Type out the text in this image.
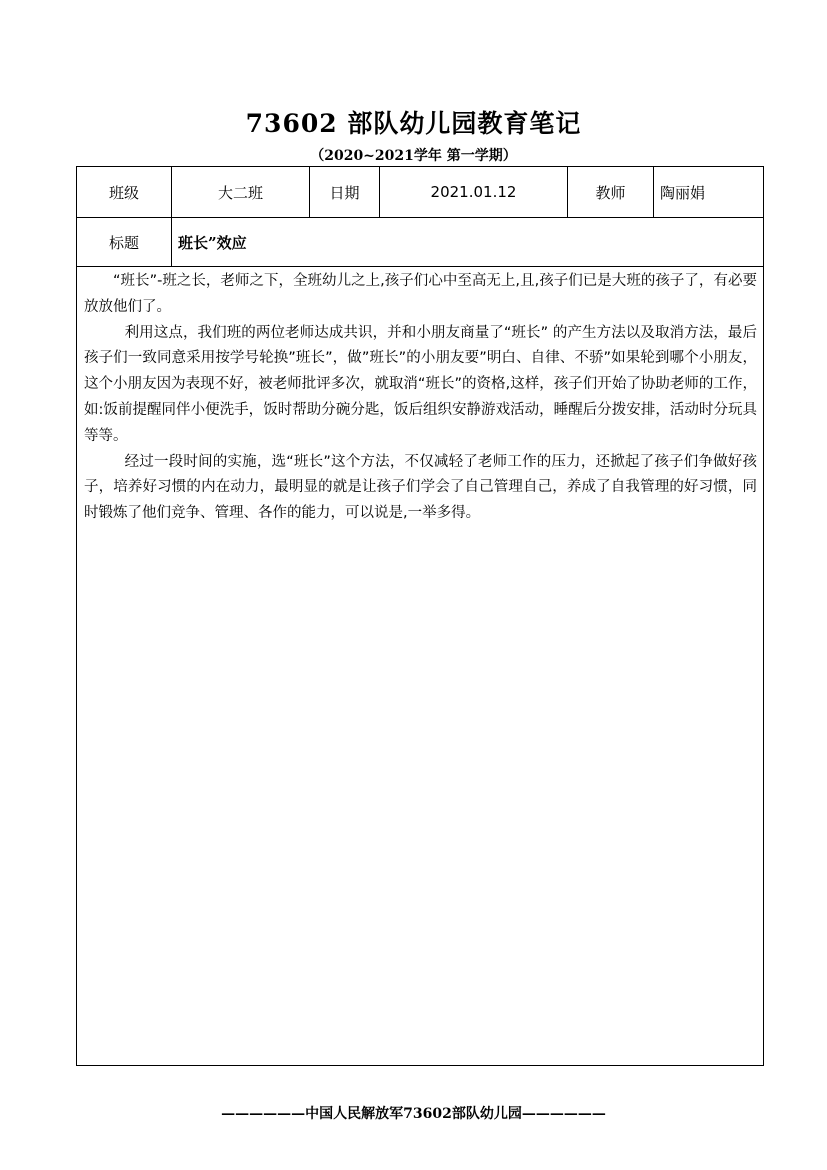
73602 部队幼儿园教育笔记
（2020~2021学年 第一学期）
班级	大二班	日期	2021.01.12	教师	陶丽娟
标题	班长”效应

“班长”-班之长，老师之下，全班幼儿之上,孩子们心中至高无上,且,孩子们已是大班的孩子了，有必要放放他们了。

利用这点，我们班的两位老师达成共识，并和小朋友商量了“班长” 的产生方法以及取消方法，最后孩子们一致同意采用按学号轮换”班长”，做”班长”的小朋友要”明白、自律、不骄”如果轮到哪个小朋友，这个小朋友因为表现不好，被老师批评多次，就取消“班长”的资格,这样，孩子们开始了协助老师的工作，如:饭前提醒同伴小便洗手，饭时帮助分碗分匙，饭后组织安静游戏活动，睡醒后分拨安排，活动时分玩具等等。

经过一段时间的实施，选“班长”这个方法，不仅减轻了老师工作的压力，还掀起了孩子们争做好孩子，培养好习惯的内在动力，最明显的就是让孩子们学会了自己管理自己，养成了自我管理的好习惯，同时锻炼了他们竞争、管理、各作的能力，可以说是,一举多得。

——————中国人民解放军73602部队幼儿园——————
